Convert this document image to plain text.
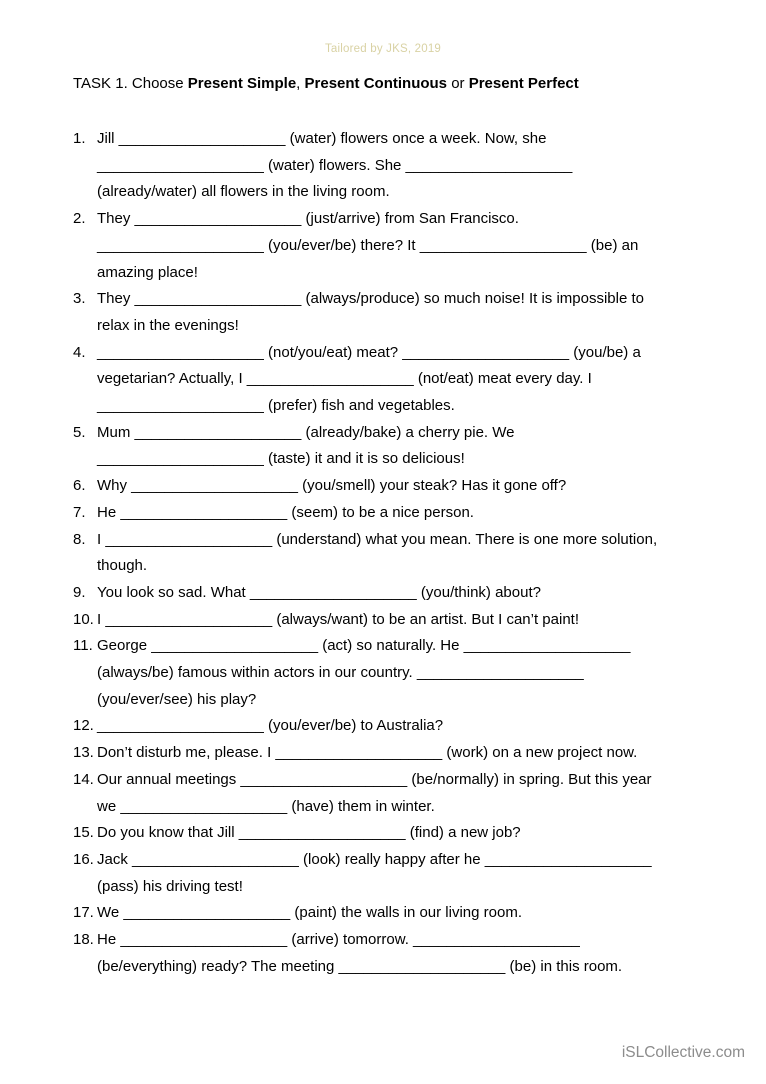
Tailored by JKS, 2019
TASK 1. Choose Present Simple, Present Continuous or Present Perfect
1. Jill ____________________ (water) flowers once a week. Now, she
____________________ (water) flowers. She ____________________
(already/water) all flowers in the living room.
2. They ____________________ (just/arrive) from San Francisco.
____________________ (you/ever/be) there? It ____________________ (be) an
amazing place!
3. They ____________________ (always/produce) so much noise! It is impossible to
relax in the evenings!
4. ____________________ (not/you/eat) meat? ____________________ (you/be) a
vegetarian? Actually, I ____________________ (not/eat) meat every day. I
____________________ (prefer) fish and vegetables.
5. Mum ____________________ (already/bake) a cherry pie. We
____________________ (taste) it and it is so delicious!
6. Why ____________________ (you/smell) your steak? Has it gone off?
7. He ____________________ (seem) to be a nice person.
8. I ____________________ (understand) what you mean. There is one more solution,
though.
9. You look so sad. What ____________________ (you/think) about?
10. I ____________________ (always/want) to be an artist. But I can’t paint!
11. George ____________________ (act) so naturally. He ____________________
(always/be) famous within actors in our country. ____________________
(you/ever/see) his play?
12. ____________________ (you/ever/be) to Australia?
13. Don’t disturb me, please. I ____________________ (work) on a new project now.
14. Our annual meetings ____________________ (be/normally) in spring. But this year
we ____________________ (have) them in winter.
15. Do you know that Jill ____________________ (find) a new job?
16. Jack ____________________ (look) really happy after he ____________________
(pass) his driving test!
17. We ____________________ (paint) the walls in our living room.
18. He ____________________ (arrive) tomorrow. ____________________
(be/everything) ready? The meeting ____________________ (be) in this room.
iSLCollective.com
